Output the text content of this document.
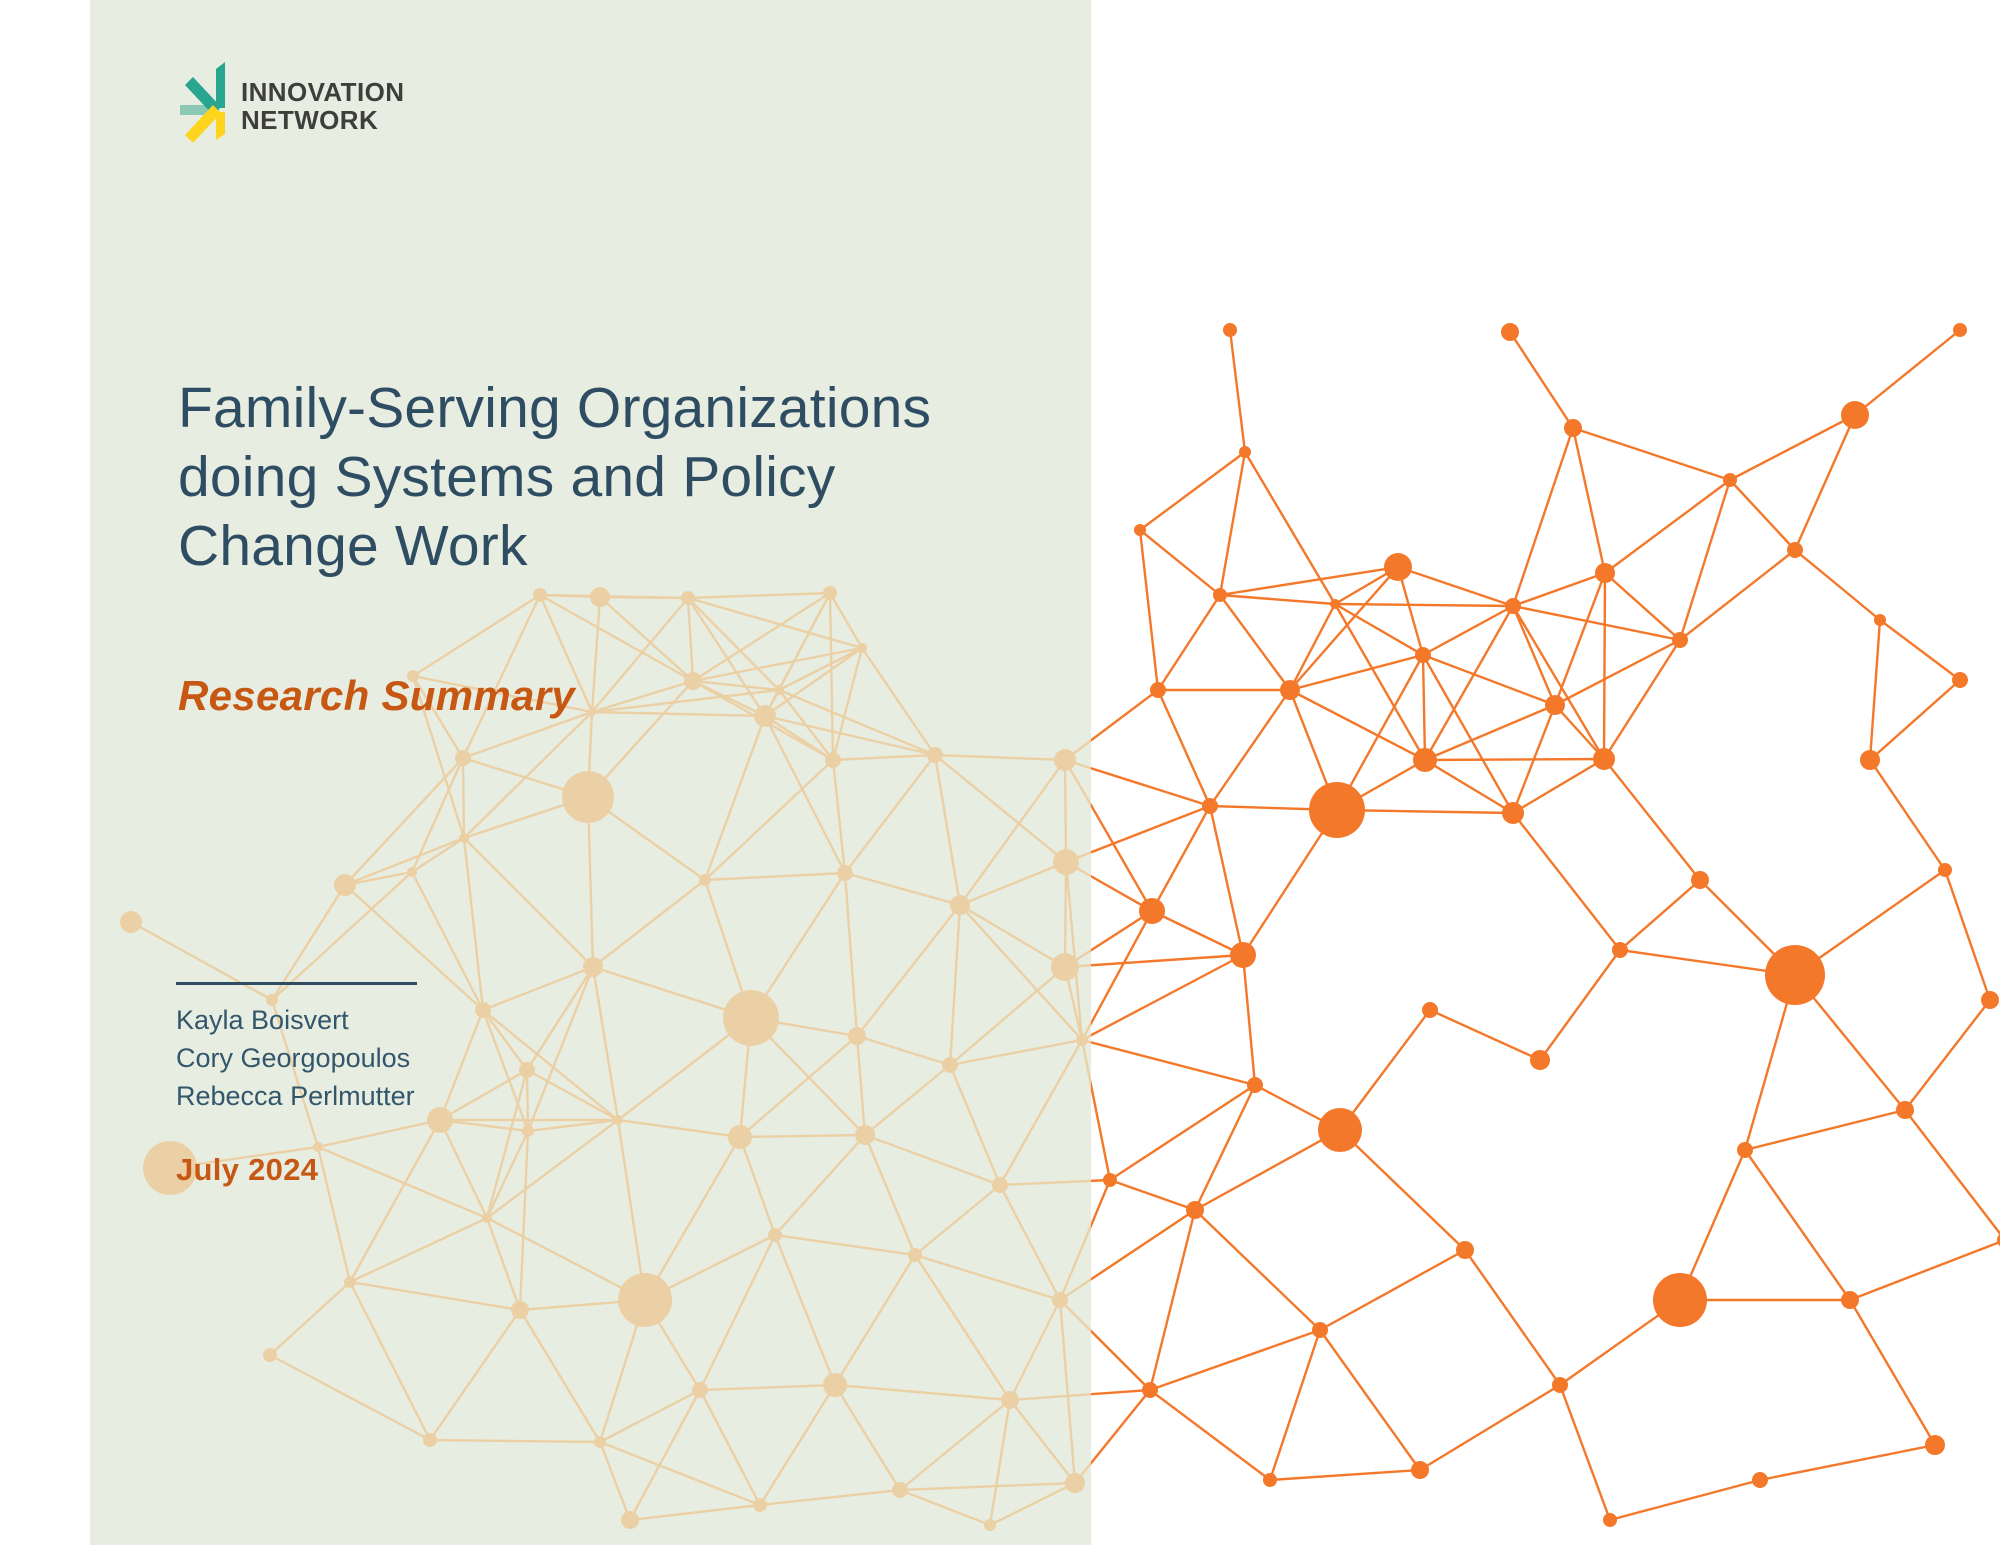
INNOVATION
NETWORK
Family-Serving Organizations
doing Systems and Policy
Change Work
Research Summary
Kayla Boisvert
Cory Georgopoulos
Rebecca Perlmutter
July 2024
